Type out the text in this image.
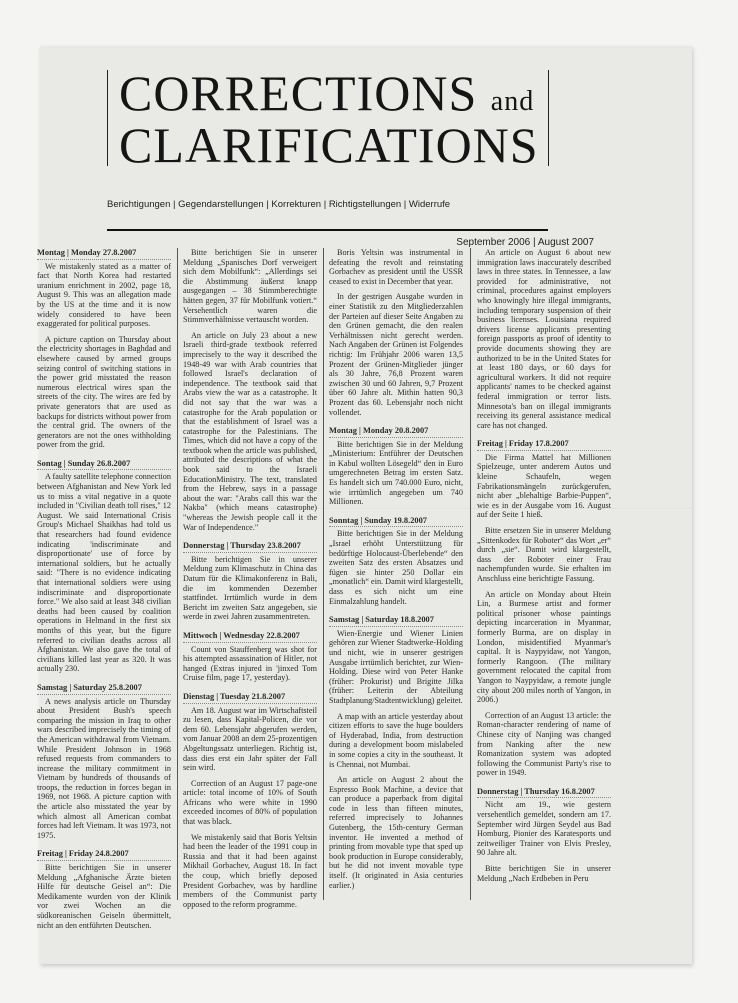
CORRECTIONS and
CLARIFICATIONS
Berichtigungen | Gegendarstellungen | Korrekturen | Richtigstellungen | Widerrufe
September 2006 | August 2007
Montag | Monday 27.8.2007
We mistakenly stated as a matter of fact that North Korea had restarted uranium enrichment in 2002, page 18, August 9. This was an allegation made by the US at the time and it is now widely considered to have been exaggerated for political purposes.
A picture caption on Thursday about the electricity shortages in Baghdad and elsewhere caused by armed groups seizing control of switching stations in the power grid misstated the reason numerous electrical wires span the streets of the city. The wires are fed by private generators that are used as backups for districts without power from the central grid. The owners of the generators are not the ones withholding power from the grid.
Sontag | Sunday 26.8.2007
A faulty satellite telephone connection between Afghanistan and New York led us to miss a vital negative in a quote included in "Civilian death toll rises," 12 August. We said International Crisis Group's Michael Shaikhas had told us that researchers had found evidence indicating 'indiscriminate and disproportionate' use of force by international soldiers, but he actually said: "There is no evidence indicating that international soldiers were using indiscriminate and disproportionate force." We also said at least 348 civilian deaths had been caused by coalition operations in Helmand in the first six months of this year, but the figure referred to civilian deaths across all Afghanistan. We also gave the total of civilians killed last year as 320. It was actually 230.
Samstag | Saturday 25.8.2007
A news analysis article on Thursday about President Bush's speech comparing the mission in Iraq to other wars described imprecisely the timing of the American withdrawal from Vietnam. While President Johnson in 1968 refused requests from commanders to increase the military commitment in Vietnam by hundreds of thousands of troops, the reduction in forces began in 1969, not 1968. A picture caption with the article also misstated the year by which almost all American combat forces had left Vietnam. It was 1973, not 1975.
Freitag | Friday 24.8.2007
Bitte berichtigen Sie in unserer Meldung „Afghanische Ärzte bieten Hilfe für deutsche Geisel an“: Die Medikamente wurden von der Klinik vor zwei Wochen an die südkoreanischen Geiseln übermittelt, nicht an den entführten Deutschen.
Bitte berichtigen Sie in unserer Meldung „Spanisches Dorf verweigert sich dem Mobilfunk“: „Allerdings sei die Abstimmung äußerst knapp ausgegangen – 38 Stimmberechtigte hätten gegen, 37 für Mobilfunk votiert.“ Versehentlich waren die Stimmverhältnisse vertauscht worden.
An article on July 23 about a new Israeli third-grade textbook referred imprecisely to the way it described the 1948-49 war with Arab countries that followed Israel's declaration of independence. The textbook said that Arabs view the war as a catastrophe. It did not say that the war was a catastrophe for the Arab population or that the establishment of Israel was a catastrophe for the Palestinians. The Times, which did not have a copy of the textbook when the article was published, attributed the descriptions of what the book said to the Israeli EducationMinistry. The text, translated from the Hebrew, says in a passage about the war: "Arabs call this war the Nakba" (which means catastrophe) "whereas the Jewish people call it the War of Independence."
Donnerstag | Thursday 23.8.2007
Bitte berichtigen Sie in unserer Meldung zum Klimaschutz in China das Datum für die Klimakonferenz in Bali, die im kommenden Dezember stattfindet. Irrtümlich wurde in dem Bericht im zweiten Satz angegeben, sie werde in zwei Jahren zusammentreten.
Mittwoch | Wednesday 22.8.2007
Count von Stauffenberg was shot for his attempted assassination of Hitler, not hanged (Extras injured in 'jinxed Tom Cruise film, page 17, yesterday).
Dienstag | Tuesday 21.8.2007
Am 18. August war im Wirtschaftsteil zu lesen, dass Kapital-Policen, die vor dem 60. Lebensjahr abgerufen werden, vom Januar 2008 an dem 25-prozentigen Abgeltungssatz unterliegen. Richtig ist, dass dies erst ein Jahr später der Fall sein wird.
Correction of an August 17 page-one article: total income of 10% of South Africans who were white in 1990 exceeded incomes of 80% of population that was black.
We mistakenly said that Boris Yeltsin had been the leader of the 1991 coup in Russia and that it had been against Mikhail Gorbachev, August 18. In fact the coup, which briefly deposed President Gorbachev, was by hardline members of the Communist party opposed to the reform programme.
Boris Yeltsin was instrumental in defeating the revolt and reinstating Gorbachev as president until the USSR ceased to exist in December that year.
In der gestrigen Ausgabe wurden in einer Statistik zu den Mitgliederzahlen der Parteien auf dieser Seite Angaben zu den Grünen gemacht, die den realen Verhältnissen nicht gerecht werden. Nach Angaben der Grünen ist Folgendes richtig: Im Frühjahr 2006 waren 13,5 Prozent der Grünen-Mitglieder jünger als 30 Jahre, 76,8 Prozent waren zwischen 30 und 60 Jahren, 9,7 Prozent über 60 Jahre alt. Mithin hatten 90,3 Prozent das 60. Lebensjahr noch nicht vollendet.
Montag | Monday 20.8.2007
Bitte berichtigen Sie in der Meldung „Ministerium: Entführer der Deutschen in Kabul wollten Lösegeld“ den in Euro umgerechneten Betrag im ersten Satz. Es handelt sich um 740.000 Euro, nicht, wie irrtümlich angegeben um 740 Millionen.
Sonntag | Sunday 19.8.2007
Bitte berichtigen Sie in der Meldung „Israel erhöht Unterstützung für bedürftige Holocaust-Überlebende“ den zweiten Satz des ersten Absatzes und fügen sie hinter 250 Dollar ein „monatlich“ ein. Damit wird klargestellt, dass es sich nicht um eine Einmalzahlung handelt.
Samstag | Saturday 18.8.2007
Wien-Energie und Wiener Linien gehören zur Wiener Stadtwerke-Holding und nicht, wie in unserer gestrigen Ausgabe irrtümlich berichtet, zur Wien-Holding. Diese wird von Peter Hanke (früher: Prokurist) und Brigitte Jilka (früher: Leiterin der Abteilung Stadtplanung/Stadtentwicklung) geleitet.
A map with an article yesterday about citizen efforts to save the huge boulders of Hyderabad, India, from destruction during a development boom mislabeled in some copies a city in the southeast. It is Chennai, not Mumbai.
An article on August 2 about the Espresso Book Machine, a device that can produce a paperback from digital code in less than fifteen minutes, referred imprecisely to Johannes Gutenberg, the 15th-century German inventor. He invented a method of printing from movable type that sped up book production in Europe considerably, but he did not invent movable type itself. (It originated in Asia centuries earlier.)
An article on August 6 about new immigration laws inaccurately described laws in three states. In Tennessee, a law provided for administrative, not criminal, procedures against employers who knowingly hire illegal immigrants, including temporary suspension of their business licenses. Louisiana required drivers license applicants presenting foreign passports as proof of identity to provide documents showing they are authorized to be in the United States for at least 180 days, or 60 days for agricultural workers. It did not require applicants' names to be checked against federal immigration or terror lists. Minnesota's ban on illegal immigrants receiving its general assistance medical care has not changed.
Freitag | Friday 17.8.2007
Die Firma Mattel hat Millionen Spielzeuge, unter anderem Autos und kleine Schaufeln, wegen Fabrikationsmängeln zurückgerufen, nicht aber „blehaltige Barbie-Puppen“, wie es in der Ausgabe vom 16. August auf der Seite 1 hieß.
Bitte ersetzen Sie in unserer Meldung „Sittenkodex für Roboter“ das Wort „er“ durch „sie“. Damit wird klargestellt, dass der Roboter einer Frau nachempfunden wurde. Sie erhalten im Anschluss eine berichtigte Fassung.
An article on Monday about Htein Lin, a Burmese artist and former political prisoner whose paintings depicting incarceration in Myanmar, formerly Burma, are on display in London, misidentified Myanmar's capital. It is Naypyidaw, not Yangon, formerly Rangoon. (The military government relocated the capital from Yangon to Naypyidaw, a remote jungle city about 200 miles north of Yangon, in 2006.)
Correction of an August 13 article: the Roman-character rendering of name of Chinese city of Nanjing was changed from Nanking after the new Romanization system was adopted following the Communist Party's rise to power in 1949.
Donnerstag | Thursday 16.8.2007
Nicht am 19., wie gestern versehentlich gemeldet, sondern am 17. September wird Jürgen Seydel aus Bad Homburg, Pionier des Karatesports und zeitweiliger Trainer von Elvis Presley, 90 Jahre alt.
Bitte berichtigen Sie in unserer Meldung „Nach Erdbeben in Peru
